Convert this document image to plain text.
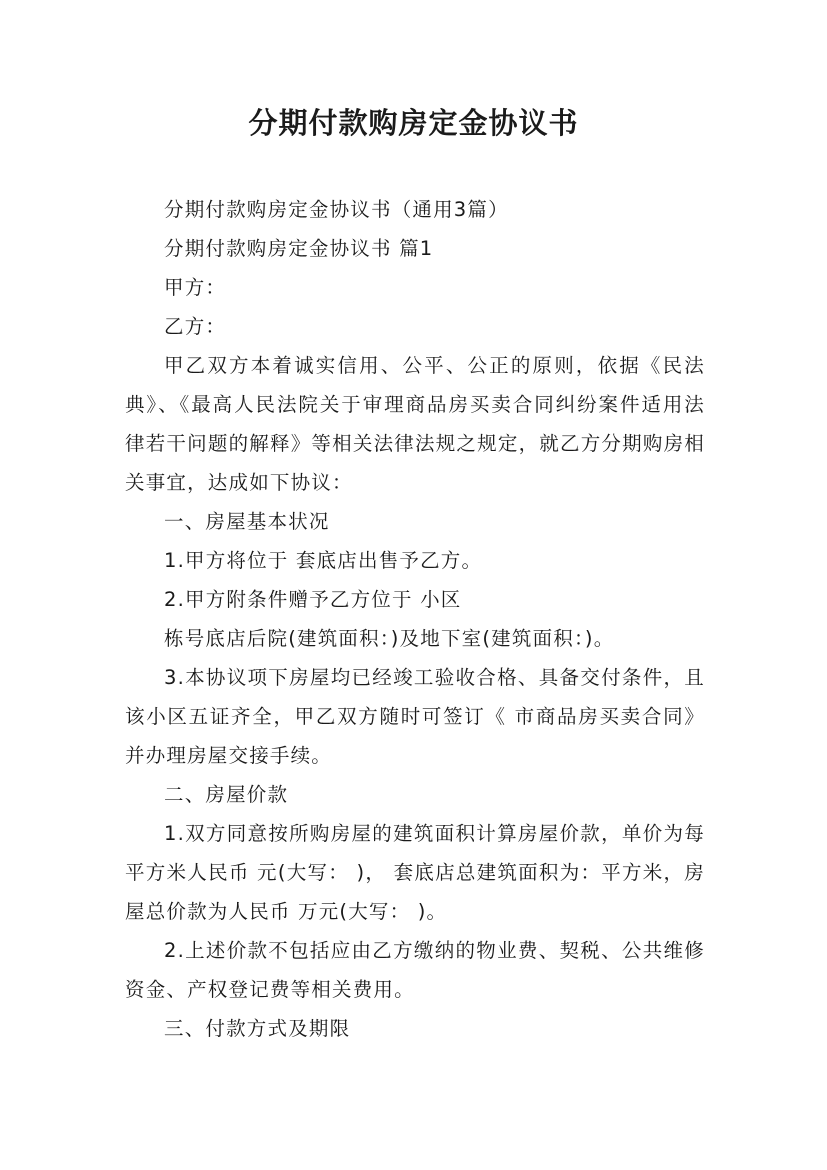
分期付款购房定金协议书

分期付款购房定金协议书（通用3篇）

分期付款购房定金协议书 篇1

甲方：

乙方：

甲乙双方本着诚实信用、公平、公正的原则，依据《民法典》、《最高人民法院关于审理商品房买卖合同纠纷案件适用法律若干问题的解释》等相关法律法规之规定，就乙方分期购房相关事宜，达成如下协议：

一、房屋基本状况

1.甲方将位于 套底店出售予乙方。

2.甲方附条件赠予乙方位于 小区

栋号底店后院(建筑面积：)及地下室(建筑面积：)。

3.本协议项下房屋均已经竣工验收合格、具备交付条件，且该小区五证齐全，甲乙双方随时可签订《 市商品房买卖合同》并办理房屋交接手续。

二、房屋价款

1.双方同意按所购房屋的建筑面积计算房屋价款，单价为每平方米人民币 元(大写： )， 套底店总建筑面积为：平方米，房屋总价款为人民币 万元(大写： )。

2.上述价款不包括应由乙方缴纳的物业费、契税、公共维修资金、产权登记费等相关费用。

三、付款方式及期限
